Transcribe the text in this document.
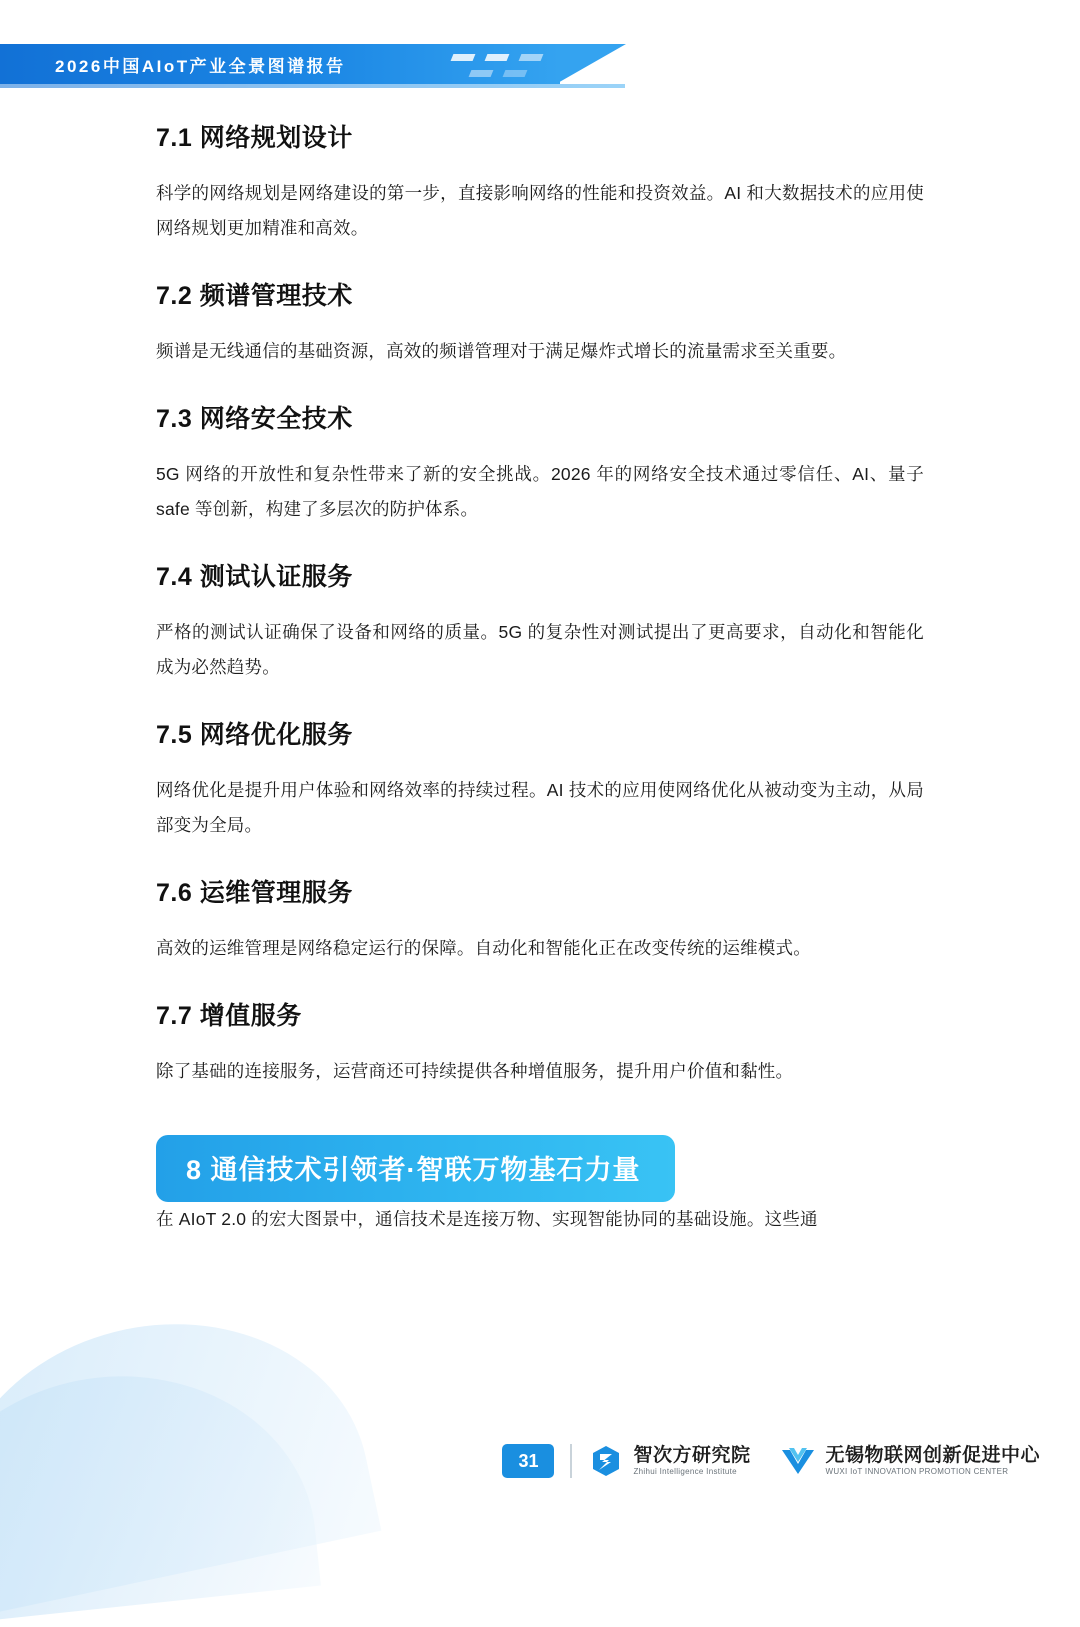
2026中国AIoT产业全景图谱报告
7.1 网络规划设计

科学的网络规划是网络建设的第一步，直接影响网络的性能和投资效益。AI 和大数据技术的应用使网络规划更加精准和高效。

7.2 频谱管理技术

频谱是无线通信的基础资源，高效的频谱管理对于满足爆炸式增长的流量需求至关重要。

7.3 网络安全技术

5G 网络的开放性和复杂性带来了新的安全挑战。2026 年的网络安全技术通过零信任、AI、量子 safe 等创新，构建了多层次的防护体系。

7.4 测试认证服务

严格的测试认证确保了设备和网络的质量。5G 的复杂性对测试提出了更高要求，自动化和智能化成为必然趋势。

7.5 网络优化服务

网络优化是提升用户体验和网络效率的持续过程。AI 技术的应用使网络优化从被动变为主动，从局部变为全局。

7.6 运维管理服务

高效的运维管理是网络稳定运行的保障。自动化和智能化正在改变传统的运维模式。

7.7 增值服务

除了基础的连接服务，运营商还可持续提供各种增值服务，提升用户价值和黏性。

8 通信技术引领者·智联万物基石力量

在 AIoT 2.0 的宏大图景中，通信技术是连接万物、实现智能协同的基础设施。这些通

31	智次方研究院
Zhihui Intelligence Institute
无锡物联网创新促进中心
WUXI IoT INNOVATION PROMOTION CENTER
